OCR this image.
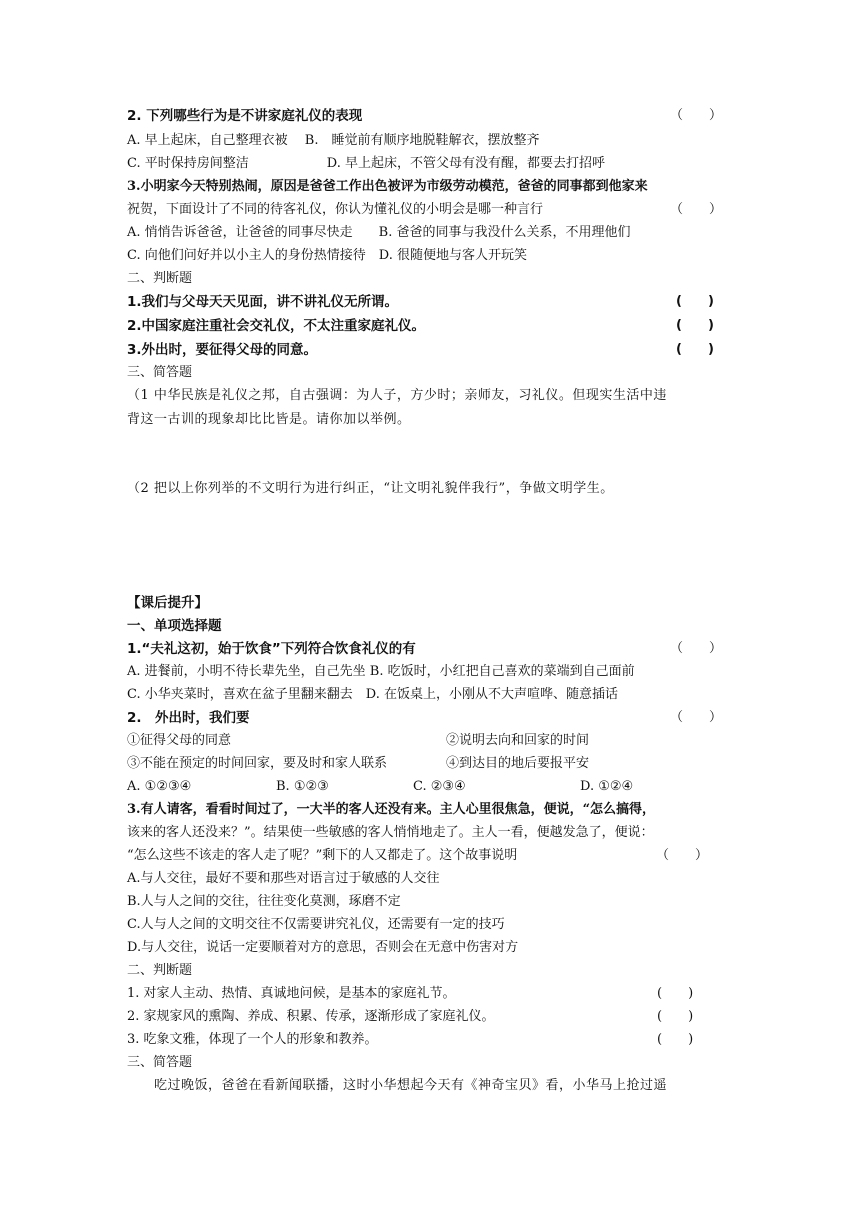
2. 下列哪些行为是不讲家庭礼仪的表现	（　　）
A. 早上起床，自己整理衣被　 B.　睡觉前有顺序地脱鞋解衣，摆放整齐
C. 平时保持房间整洁　　　　　　D. 早上起床，不管父母有没有醒，都要去打招呼
3.小明家今天特别热闹，原因是爸爸工作出色被评为市级劳动模范，爸爸的同事都到他家来
祝贺，下面设计了不同的待客礼仪，你认为懂礼仪的小明会是哪一种言行	（　　）
A. 悄悄告诉爸爸，让爸爸的同事尽快走　　B. 爸爸的同事与我没什么关系，不用理他们
C. 向他们问好并以小主人的身份热情接待　D. 很随便地与客人开玩笑
二、判断题
1.我们与父母天天见面，讲不讲礼仪无所谓。	(　　)
2.中国家庭注重社会交礼仪，不太注重家庭礼仪。	(　　)
3.外出时，要征得父母的同意。	(　　)
三、简答题
（1 中华民族是礼仪之邦，自古强调：为人子，方少时；亲师友，习礼仪。但现实生活中违
背这一古训的现象却比比皆是。请你加以举例。
（2 把以上你列举的不文明行为进行纠正，“让文明礼貌伴我行”，争做文明学生。
【课后提升】
一、单项选择题
1.“夫礼这初，始于饮食”下列符合饮食礼仪的有	（　　）
A. 进餐前，小明不待长辈先坐，自己先坐 B. 吃饭时，小红把自己喜欢的菜端到自己面前
C. 小华夹菜时，喜欢在盆子里翻来翻去　D. 在饭桌上，小刚从不大声喧哗、随意插话
2.　外出时，我们要	（　　）
①征得父母的同意	②说明去向和回家的时间
③不能在预定的时间回家，要及时和家人联系	④到达目的地后要报平安
A. ①②③④	B. ①②③	C. ②③④	D. ①②④
3.有人请客，看看时间过了，一大半的客人还没有来。主人心里很焦急，便说，“怎么搞得，
该来的客人还没来？”。结果使一些敏感的客人悄悄地走了。主人一看，便越发急了，便说：
“怎么这些不该走的客人走了呢？”剩下的人又都走了。这个故事说明	（　　）
A.与人交往，最好不要和那些对语言过于敏感的人交往
B.人与人之间的交往，往往变化莫测，琢磨不定
C.人与人之间的文明交往不仅需要讲究礼仪，还需要有一定的技巧
D.与人交往，说话一定要顺着对方的意思，否则会在无意中伤害对方
二、判断题
1. 对家人主动、热情、真诚地问候，是基本的家庭礼节。	(　　)
2. 家规家风的熏陶、养成、积累、传承，逐渐形成了家庭礼仪。	(　　)
3. 吃象文雅，体现了一个人的形象和教养。	(　　)
三、简答题
　　吃过晚饭，爸爸在看新闻联播，这时小华想起今天有《神奇宝贝》看，小华马上抢过遥
